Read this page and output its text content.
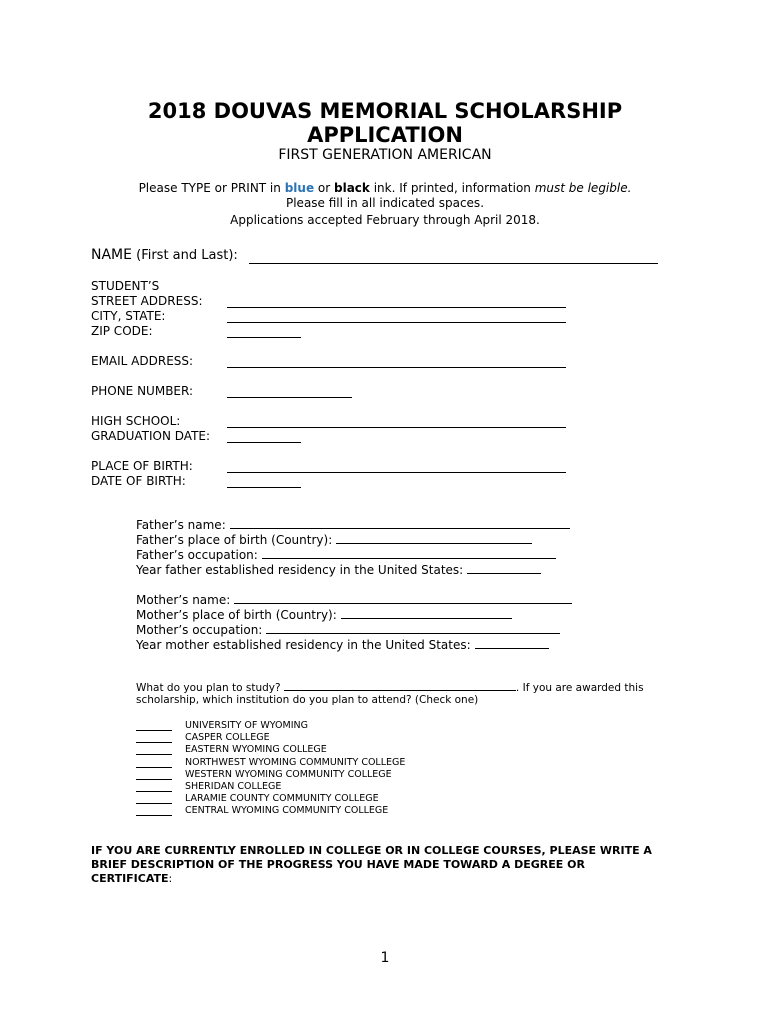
2018 DOUVAS MEMORIAL SCHOLARSHIP
APPLICATION
FIRST GENERATION AMERICAN
Please TYPE or PRINT in blue or black ink. If printed, information must be legible.
Please fill in all indicated spaces.
Applications accepted February through April 2018.
NAME (First and Last):
STUDENT’S
STREET ADDRESS:
CITY, STATE:
ZIP CODE:
EMAIL ADDRESS:
PHONE NUMBER:
HIGH SCHOOL:
GRADUATION DATE:
PLACE OF BIRTH:
DATE OF BIRTH:
Father’s name:
Father’s place of birth (Country):
Father’s occupation:
Year father established residency in the United States:
Mother’s name:
Mother’s place of birth (Country):
Mother’s occupation:
Year mother established residency in the United States:
What do you plan to study?	. If you are awarded this
scholarship, which institution do you plan to attend? (Check one)
UNIVERSITY OF WYOMING
CASPER COLLEGE
EASTERN WYOMING COLLEGE
NORTHWEST WYOMING COMMUNITY COLLEGE
WESTERN WYOMING COMMUNITY COLLEGE
SHERIDAN COLLEGE
LARAMIE COUNTY COMMUNITY COLLEGE
CENTRAL WYOMING COMMUNITY COLLEGE
IF YOU ARE CURRENTLY ENROLLED IN COLLEGE OR IN COLLEGE COURSES, PLEASE WRITE A
BRIEF DESCRIPTION OF THE PROGRESS YOU HAVE MADE TOWARD A DEGREE OR
CERTIFICATE:
1
